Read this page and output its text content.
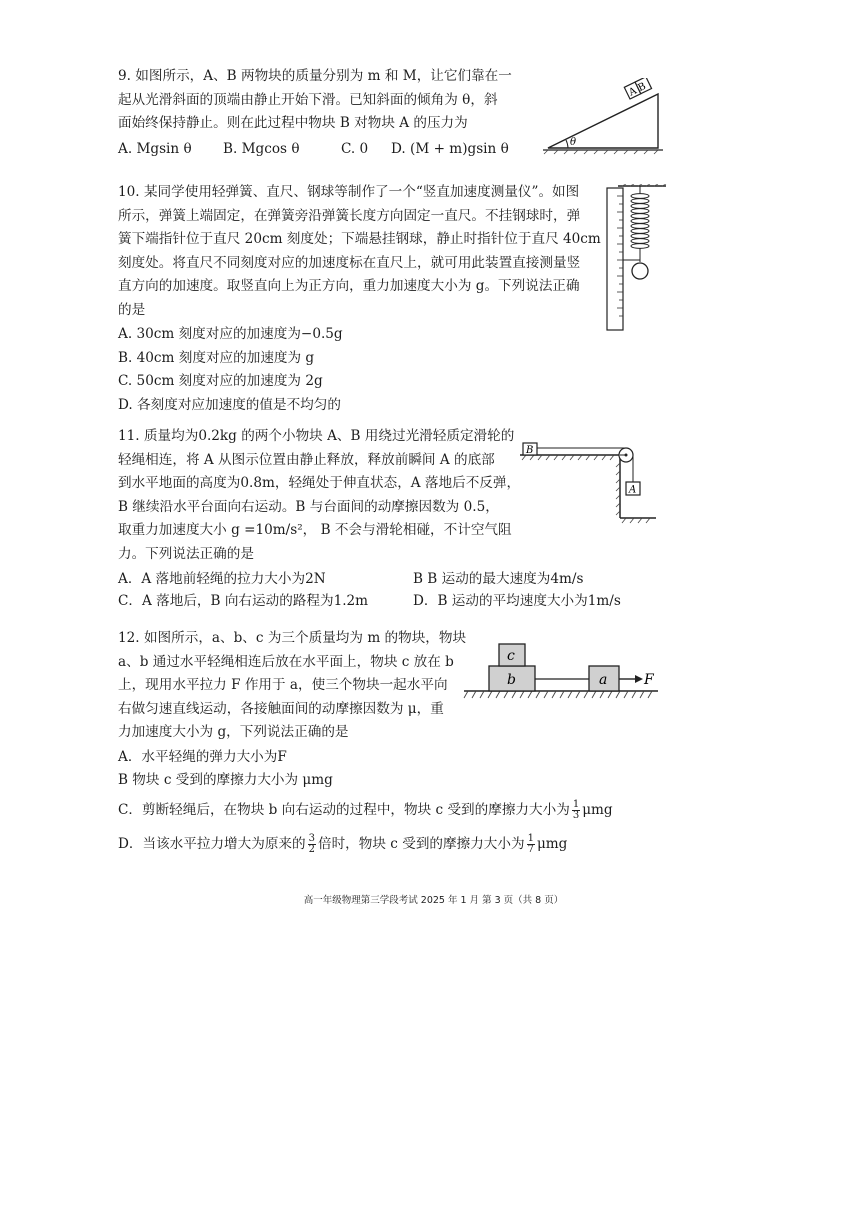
9. 如图所示，A、B 两物块的质量分别为 m 和 M，让它们靠在一
起从光滑斜面的顶端由静止开始下滑。已知斜面的倾角为 θ，斜
面始终保持静止。则在此过程中物块 B 对物块 A 的压力为
A. Mgsin θ	B. Mgcos θ	C. 0	D. (M + m)gsin θ
AB
θ
10. 某同学使用轻弹簧、直尺、钢球等制作了一个“竖直加速度测量仪”。如图
所示，弹簧上端固定，在弹簧旁沿弹簧长度方向固定一直尺。不挂钢球时，弹
簧下端指针位于直尺 20cm 刻度处；下端悬挂钢球，静止时指针位于直尺 40cm
刻度处。将直尺不同刻度对应的加速度标在直尺上，就可用此装置直接测量竖
直方向的加速度。取竖直向上为正方向，重力加速度大小为 g。下列说法正确
的是
A. 30cm 刻度对应的加速度为−0.5g
B. 40cm 刻度对应的加速度为 g
C. 50cm 刻度对应的加速度为 2g
D. 各刻度对应加速度的值是不均匀的
11. 质量均为0.2kg 的两个小物块 A、B 用绕过光滑轻质定滑轮的
轻绳相连，将 A 从图示位置由静止释放，释放前瞬间 A 的底部
到水平地面的高度为0.8m，轻绳处于伸直状态，A 落地后不反弹，
B 继续沿水平台面向右运动。B 与台面间的动摩擦因数为 0.5，
取重力加速度大小 g =10m/s²， B 不会与滑轮相碰，不计空气阻
力。下列说法正确的是
A．A 落地前轻绳的拉力大小为2N	B B 运动的最大速度为4m/s
C．A 落地后，B 向右运动的路程为1.2m	D．B 运动的平均速度大小为1m/s
B
A
12. 如图所示，a、b、c 为三个质量均为 m 的物块，物块
a、b 通过水平轻绳相连后放在水平面上，物块 c 放在 b
上，现用水平拉力 F 作用于 a，使三个物块一起水平向
右做匀速直线运动，各接触面间的动摩擦因数为 μ，重
力加速度大小为 g，下列说法正确的是
A．水平轻绳的弹力大小为F
B 物块 c 受到的摩擦力大小为 μmg
C．剪断轻绳后，在物块 b 向右运动的过程中，物块 c 受到的摩擦力大小为 $\frac{1}{3}$ μmg
D．当该水平拉力增大为原来的 $\frac{3}{2}$ 倍时，物块 c 受到的摩擦力大小为 $\frac{1}{7}$ μmg
b
c
a	F
高一年级物理第三学段考试 2025 年 1 月 第 3 页（共 8 页）
